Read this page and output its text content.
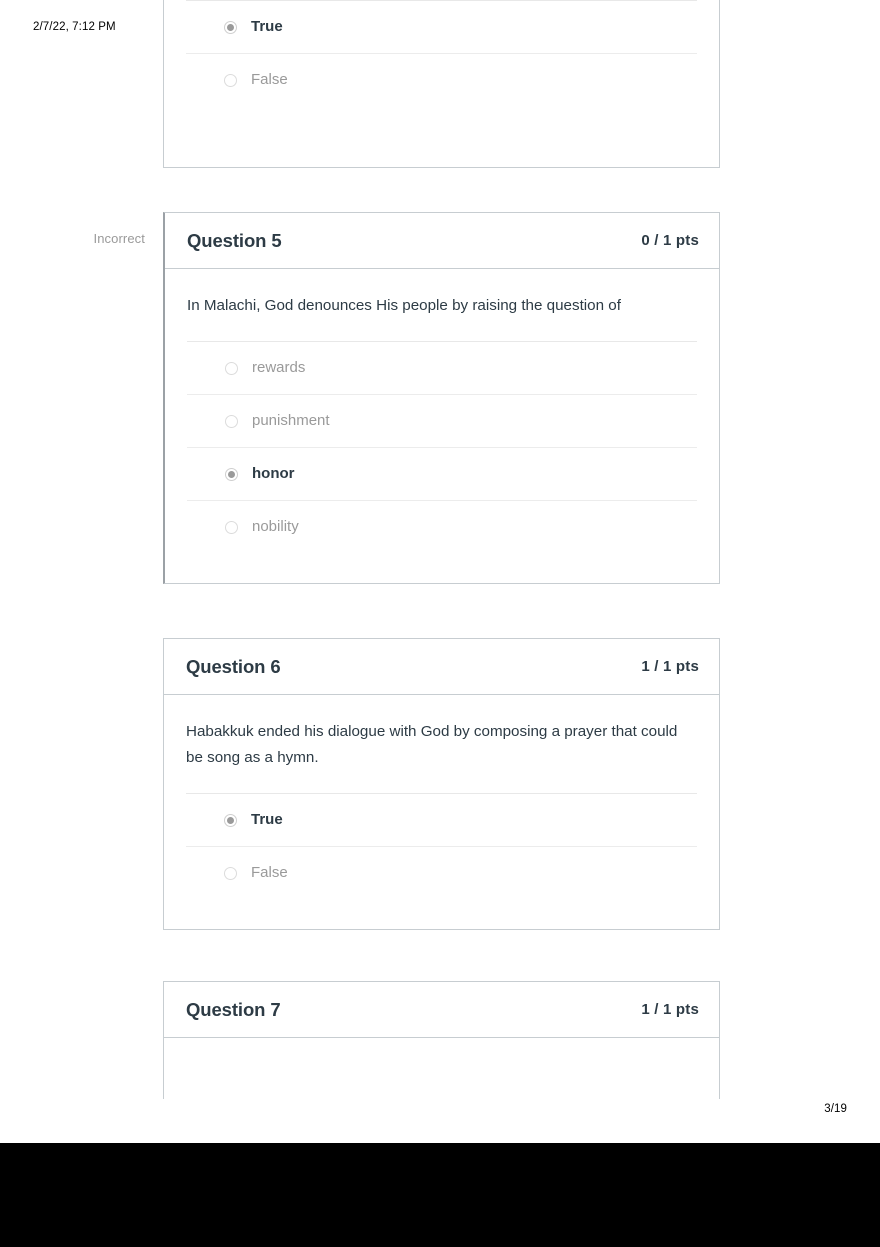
2/7/22, 7:12 PM	True
False
Incorrect Question 5	0 / 1 pts
In Malachi, God denounces His people by raising the question of
rewards
punishment
honor
nobility
Question 6	1 / 1 pts
Habakkuk ended his dialogue with God by composing a prayer that could be song as a hymn.
True
False
Question 7	1 / 1 pts
3/19
